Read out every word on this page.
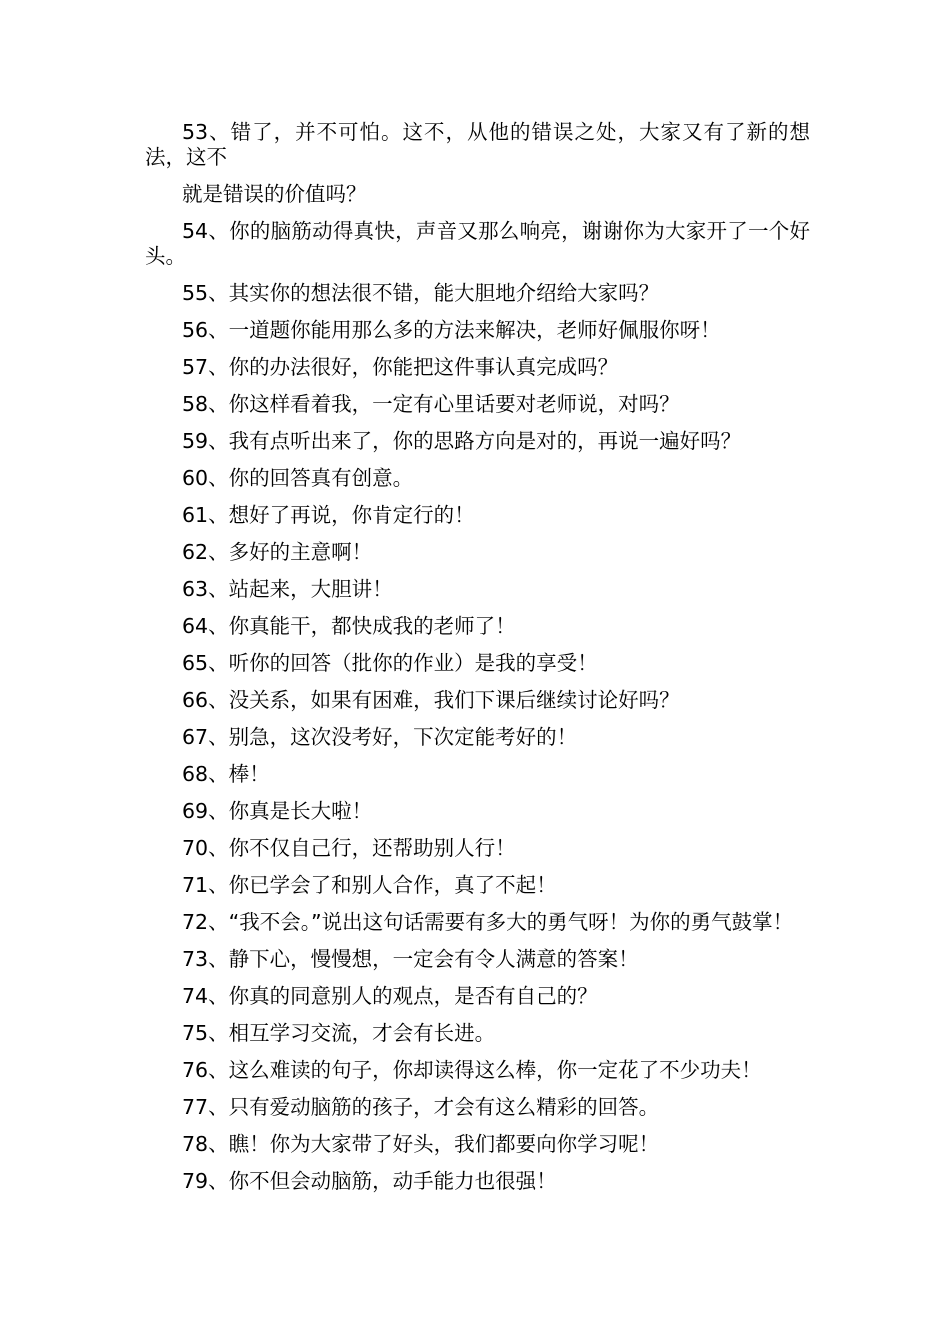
53、错了，并不可怕。这不，从他的错误之处，大家又有了新的想法，这不

就是错误的价值吗？

54、你的脑筋动得真快，声音又那么响亮，谢谢你为大家开了一个好头。

55、其实你的想法很不错，能大胆地介绍给大家吗？

56、一道题你能用那么多的方法来解决，老师好佩服你呀！

57、你的办法很好，你能把这件事认真完成吗？

58、你这样看着我，一定有心里话要对老师说，对吗？

59、我有点听出来了，你的思路方向是对的，再说一遍好吗？

60、你的回答真有创意。

61、想好了再说，你肯定行的！

62、多好的主意啊！

63、站起来，大胆讲！

64、你真能干，都快成我的老师了！

65、听你的回答（批你的作业）是我的享受！

66、没关系，如果有困难，我们下课后继续讨论好吗？

67、别急，这次没考好，下次定能考好的！

68、棒！

69、你真是长大啦！

70、你不仅自己行，还帮助别人行！

71、你已学会了和别人合作，真了不起！

72、“我不会。”说出这句话需要有多大的勇气呀！为你的勇气鼓掌！

73、静下心，慢慢想，一定会有令人满意的答案！

74、你真的同意别人的观点，是否有自己的？

75、相互学习交流，才会有长进。

76、这么难读的句子，你却读得这么棒，你一定花了不少功夫！

77、只有爱动脑筋的孩子，才会有这么精彩的回答。

78、瞧！你为大家带了好头，我们都要向你学习呢！

79、你不但会动脑筋，动手能力也很强！
